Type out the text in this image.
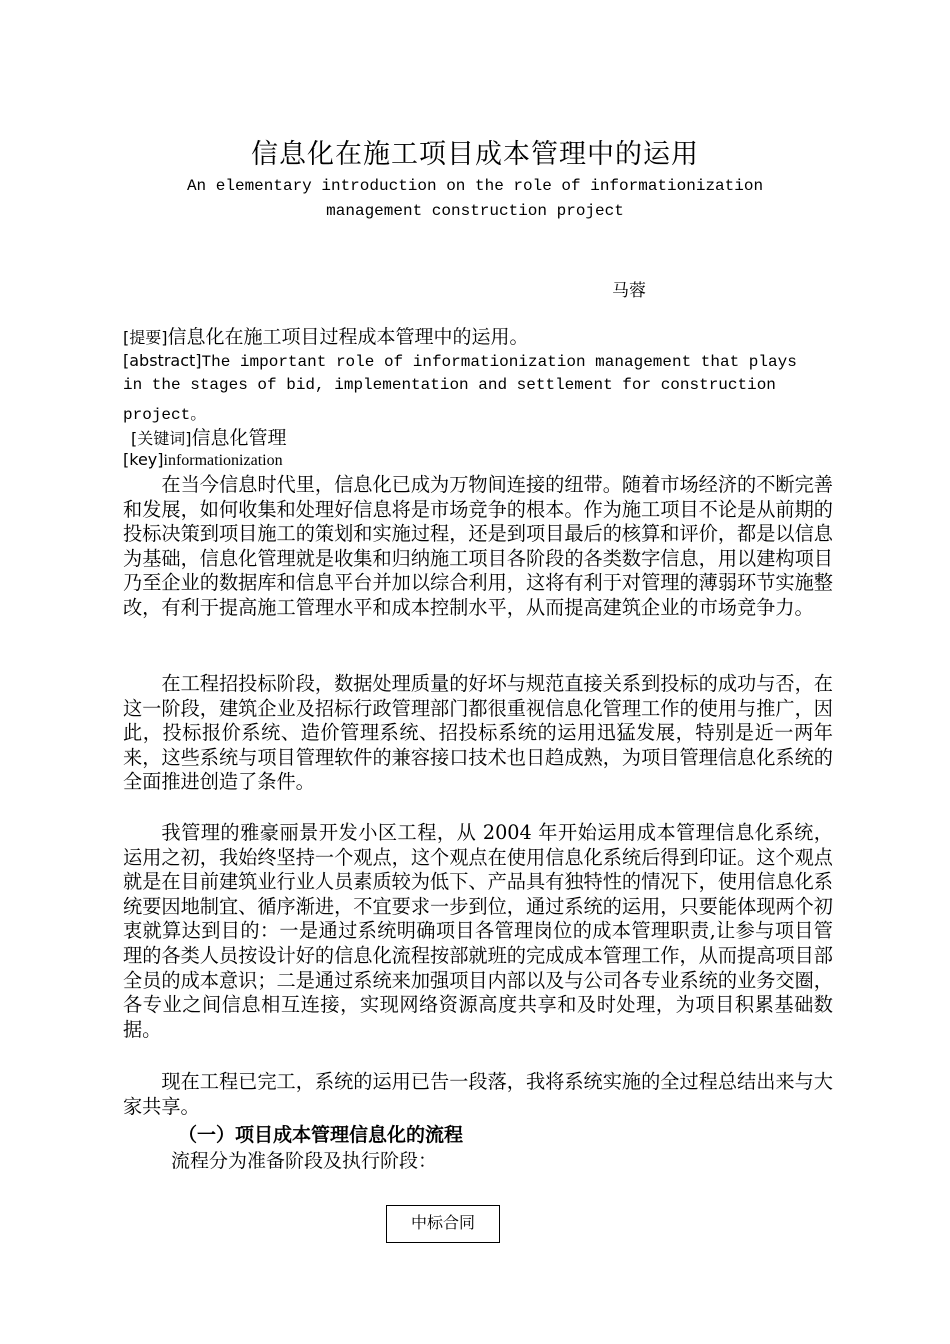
信息化在施工项目成本管理中的运用
An elementary introduction on the role of informationization
management construction project
马蓉
[提要]信息化在施工项目过程成本管理中的运用。
[abstract]The important role of informationization management that plays
in the stages of bid, implementation and settlement for construction
project。
[关键词]信息化管理
[key]informationization

在当今信息时代里，信息化已成为万物间连接的纽带。随着市场经济的不断完善和发展，如何收集和处理好信息将是市场竞争的根本。作为施工项目不论是从前期的投标决策到项目施工的策划和实施过程，还是到项目最后的核算和评价，都是以信息为基础，信息化管理就是收集和归纳施工项目各阶段的各类数字信息，用以建构项目乃至企业的数据库和信息平台并加以综合利用，这将有利于对管理的薄弱环节实施整改，有利于提高施工管理水平和成本控制水平，从而提高建筑企业的市场竞争力。

在工程招投标阶段，数据处理质量的好坏与规范直接关系到投标的成功与否，在这一阶段，建筑企业及招标行政管理部门都很重视信息化管理工作的使用与推广，因此，投标报价系统、造价管理系统、招投标系统的运用迅猛发展，特别是近一两年来，这些系统与项目管理软件的兼容接口技术也日趋成熟，为项目管理信息化系统的全面推进创造了条件。

我管理的雅豪丽景开发小区工程，从 2004 年开始运用成本管理信息化系统，运用之初，我始终坚持一个观点，这个观点在使用信息化系统后得到印证。这个观点就是在目前建筑业行业人员素质较为低下、产品具有独特性的情况下，使用信息化系统要因地制宜、循序渐进，不宜要求一步到位，通过系统的运用，只要能体现两个初衷就算达到目的：一是通过系统明确项目各管理岗位的成本管理职责,让参与项目管理的各类人员按设计好的信息化流程按部就班的完成成本管理工作，从而提高项目部全员的成本意识；二是通过系统来加强项目内部以及与公司各专业系统的业务交圈，各专业之间信息相互连接，实现网络资源高度共享和及时处理，为项目积累基础数据。

现在工程已完工，系统的运用已告一段落，我将系统实施的全过程总结出来与大家共享。

（一）项目成本管理信息化的流程
流程分为准备阶段及执行阶段：
中标合同
